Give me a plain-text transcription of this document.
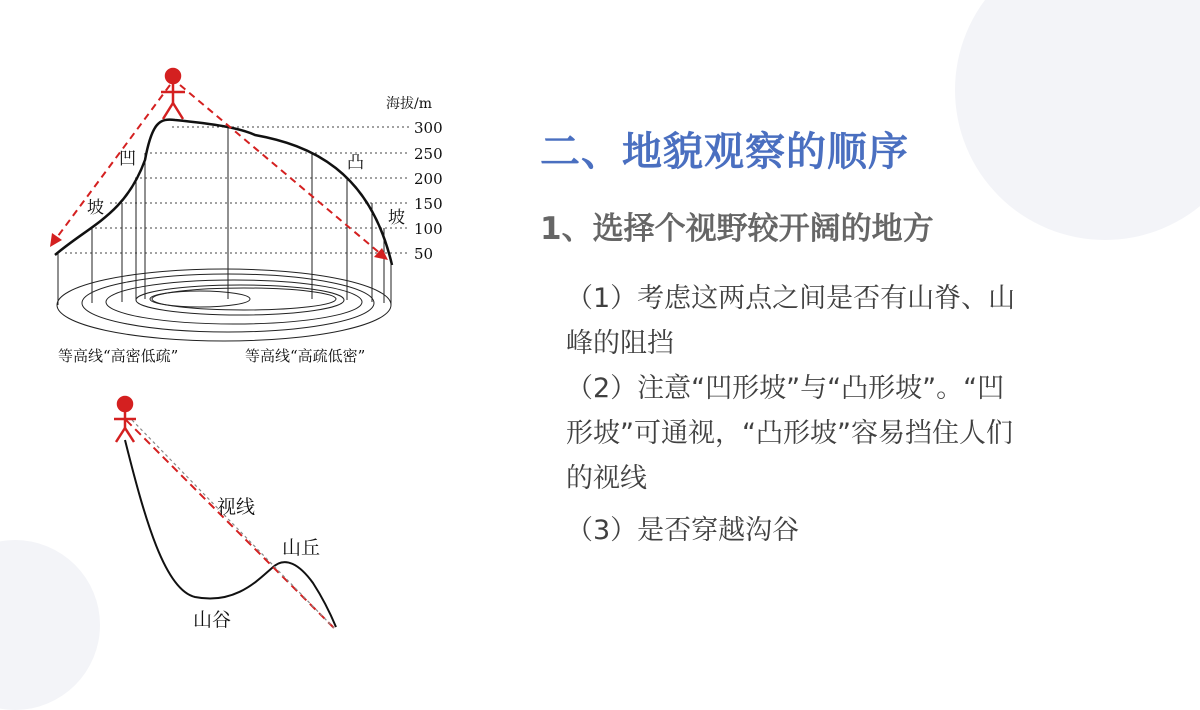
海拔/m
300
250
200
150
100
50
凹
坡
凸
坡
等高线“高密低疏”	等高线“高疏低密”
视线
山丘
山谷
二、地貌观察的顺序
1、选择个视野较开阔的地方

（1）考虑这两点之间是否有山脊、山峰的阻挡

（2）注意“凹形坡”与“凸形坡”。“凹形坡”可通视，“凸形坡”容易挡住人们的视线

（3）是否穿越沟谷
